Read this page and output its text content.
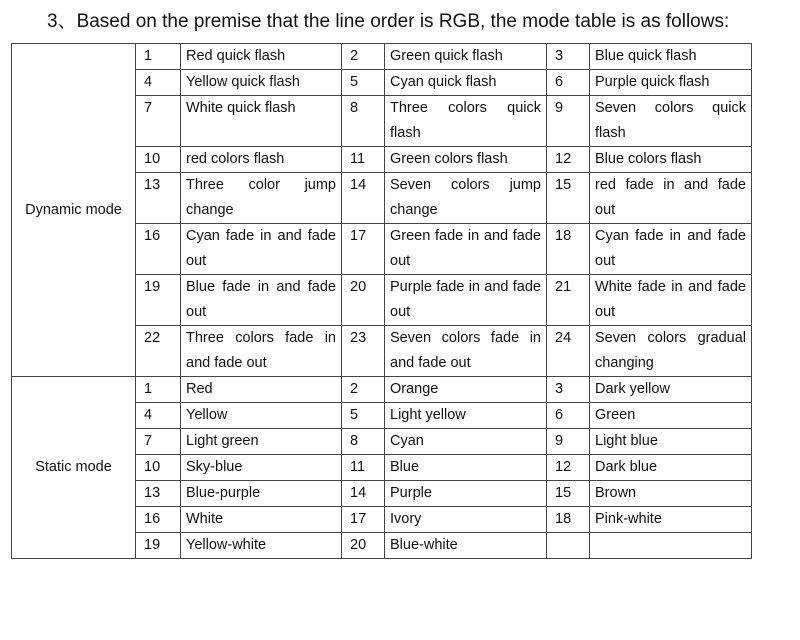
3、Based on the premise that the line order is RGB, the mode table is as follows:
Dynamic mode	1	Red quick flash	2	Green quick flash	3	Blue quick flash
	4	Yellow quick flash	5	Cyan quick flash	6	Purple quick flash
	7	White quick flash	8	Three colors quick flash	9	Seven colors quick flash
	10	red colors flash	11	Green colors flash	12	Blue colors flash
	13	Three color jump change	14	Seven colors jump change	15	red fade in and fade out
	16	Cyan fade in and fade out	17	Green fade in and fade out	18	Cyan fade in and fade out
	19	Blue fade in and fade out	20	Purple fade in and fade out	21	White fade in and fade out
	22	Three colors fade in and fade out	23	Seven colors fade in and fade out	24	Seven colors gradual changing
Static mode	1	Red	2	Orange	3	Dark yellow
	4	Yellow	5	Light yellow	6	Green
	7	Light green	8	Cyan	9	Light blue
	10	Sky-blue	11	Blue	12	Dark blue
	13	Blue-purple	14	Purple	15	Brown
	16	White	17	Ivory	18	Pink-white
	19	Yellow-white	20	Blue-white		
